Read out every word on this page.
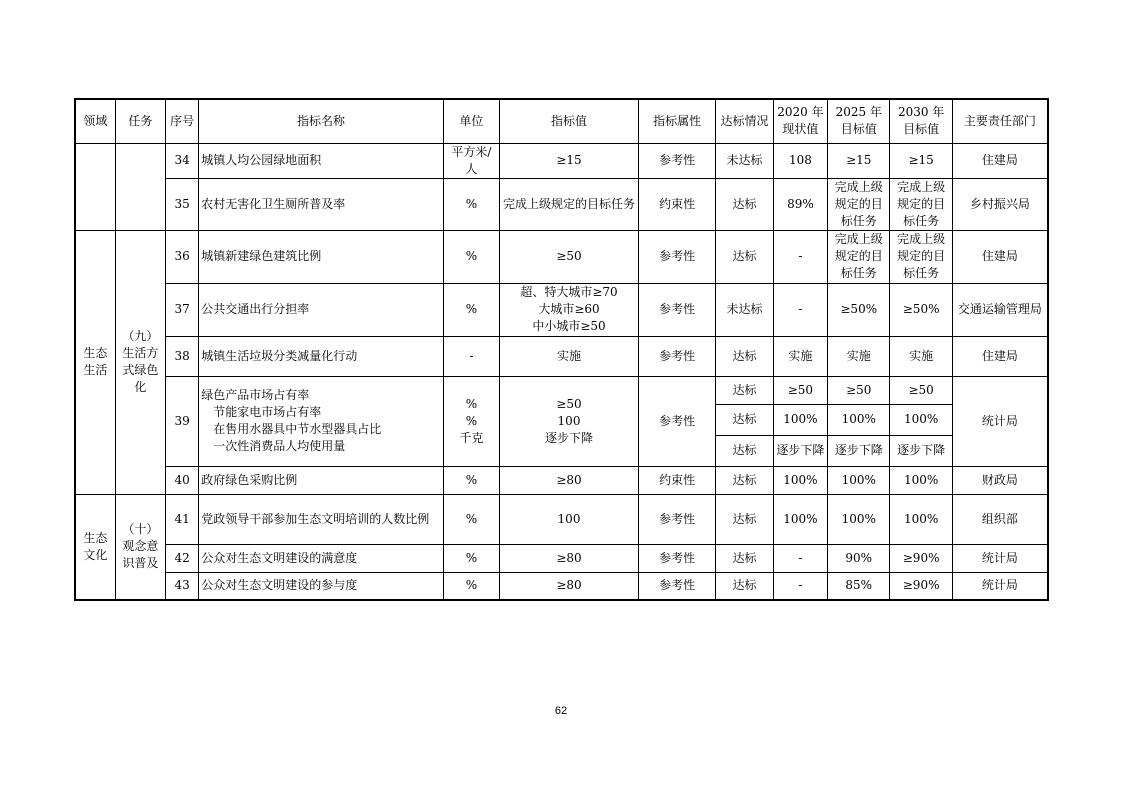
领域	任务	序号	指标名称	单位	指标值	指标属性	达标情况	2020 年现状值	2025 年目标值	2030 年目标值	主要责任部门
		34	城镇人均公园绿地面积	平方米/人	≥15	参考性	未达标	108	≥15	≥15	住建局
		35	农村无害化卫生厕所普及率	%	完成上级规定的目标任务	约束性	达标	89%	完成上级规定的目标任务	完成上级规定的目标任务	乡村振兴局
生态生活	（九）生活方式绿色化	36	城镇新建绿色建筑比例	%	≥50	参考性	达标	-	完成上级规定的目标任务	完成上级规定的目标任务	住建局
		37	公共交通出行分担率	%	超、特大城市≥70
大城市≥60
中小城市≥50	参考性	未达标	-	≥50%	≥50%	交通运输管理局
		38	城镇生活垃圾分类减量化行动	-	实施	参考性	达标	实施	实施	实施	住建局
		39	绿色产品市场占有率
节能家电市场占有率
在售用水器具中节水型器具占比
一次性消费品人均使用量	%
%
千克	≥50
100
逐步下降	参考性	达标	≥50	≥50	≥50	统计局
							达标	100%	100%	100%	
							达标	逐步下降	逐步下降	逐步下降	
		40	政府绿色采购比例	%	≥80	约束性	达标	100%	100%	100%	财政局
生态文化	（十）观念意识普及	41	党政领导干部参加生态文明培训的人数比例	%	100	参考性	达标	100%	100%	100%	组织部
		42	公众对生态文明建设的满意度	%	≥80	参考性	达标	-	90%	≥90%	统计局
		43	公众对生态文明建设的参与度	%	≥80	参考性	达标	-	85%	≥90%	统计局
62
